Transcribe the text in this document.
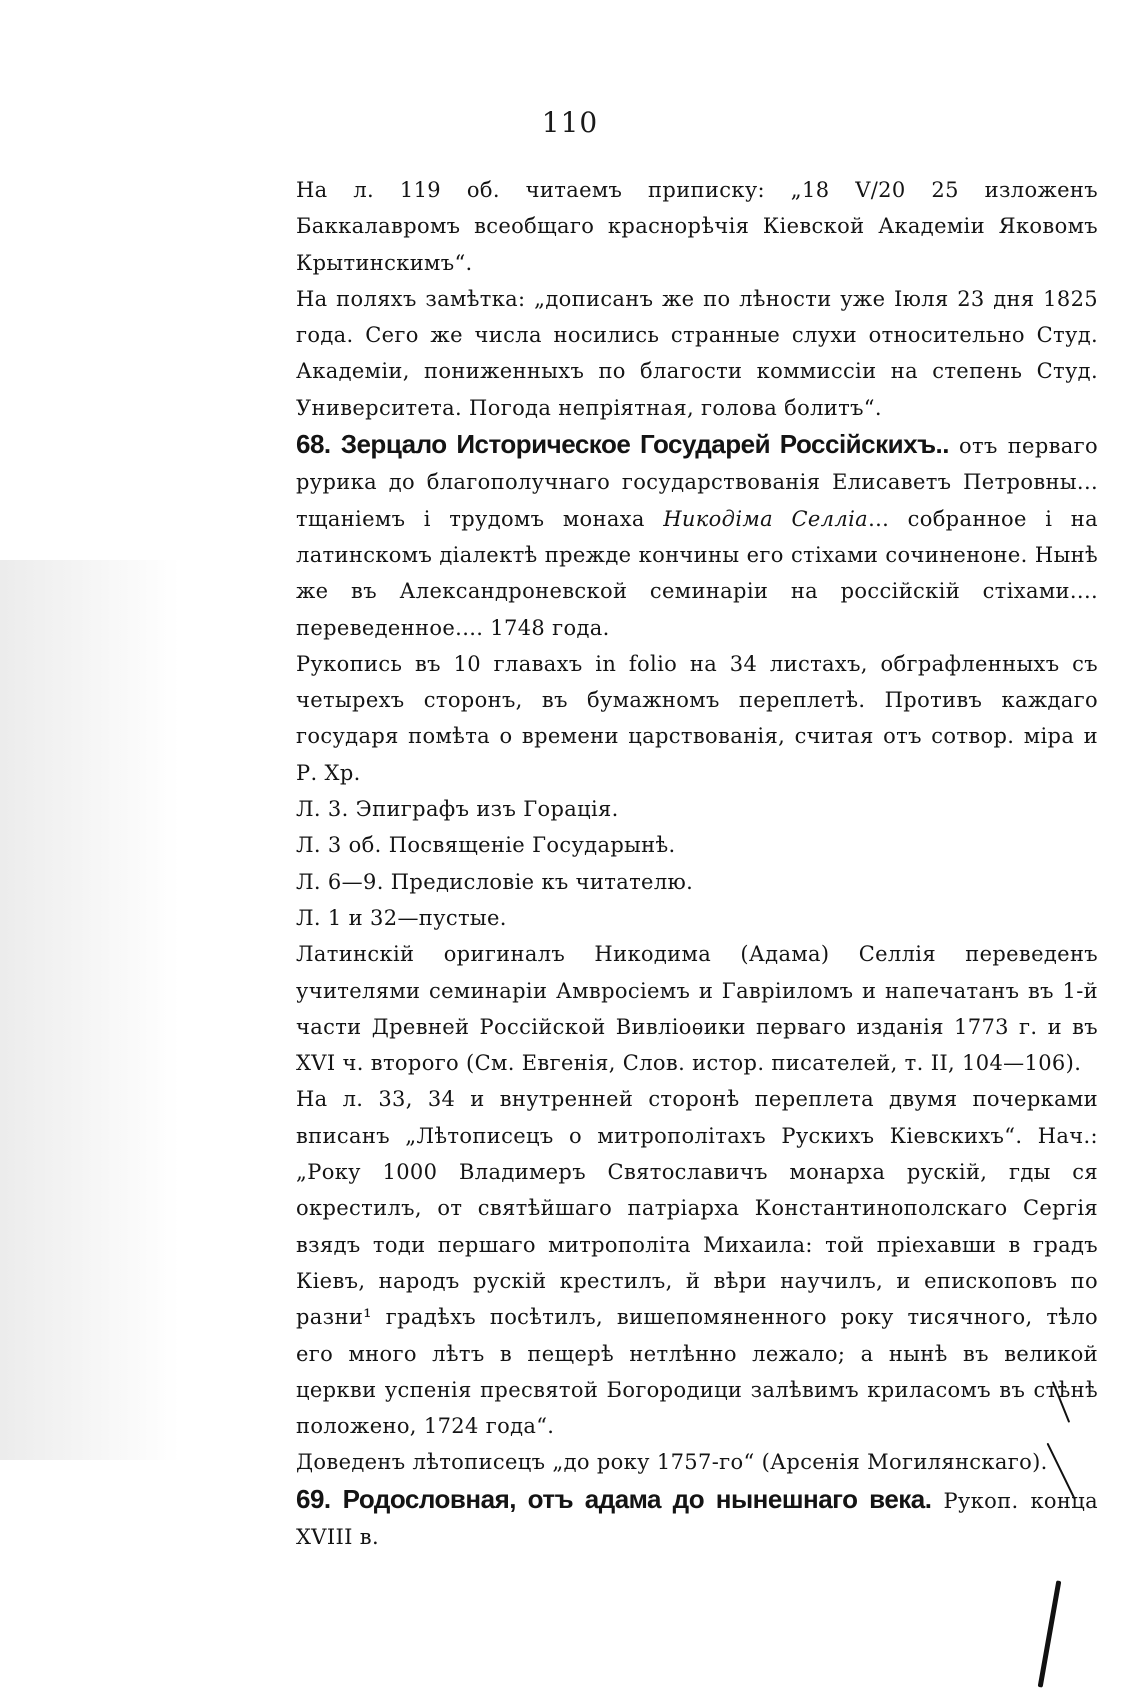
110

На л. 119 об. читаемъ приписку: „18 V/20 25 изложенъ Баккалавромъ всеобщаго краснорѣчія Кіевской Академіи Яковомъ Крытинскимъ“.

На поляхъ замѣтка: „дописанъ же по лѣности уже Іюля 23 дня 1825 года. Сего же числа носились странные слухи относительно Студ. Академіи, пониженныхъ по благости коммиссіи на степень Студ. Университета. Погода непріятная, голова болитъ“.

68. Зерцало Историческое Государей Россійскихъ.. отъ перваго рурика до благополучнаго государствованія Елисаветъ Петровны... тщаніемъ і трудомъ монаха Никодіма Селліа... собранное і на латинскомъ діалектѣ прежде кончины его стіхами сочиненоне. Нынѣ же въ Александроневской семинаріи на россійскій стіхами.... переведенное.... 1748 года.

Рукопись въ 10 главахъ in folio на 34 листахъ, обграфленныхъ съ четырехъ сторонъ, въ бумажномъ переплетѣ. Противъ каждаго государя помѣта о времени царствованія, считая отъ сотвор. міра и Р. Хр.

Л. 3. Эпиграфъ изъ Горація.

Л. 3 об. Посвященіе Государынѣ.

Л. 6—9. Предисловіе къ читателю.

Л. 1 и 32—пустые.

Латинскій оригиналъ Никодима (Адама) Селлія переведенъ учителями семинаріи Амвросіемъ и Гавріиломъ и напечатанъ въ 1-й части Древней Россійской Вивліоѳики перваго изданія 1773 г. и въ XVI ч. второго (См. Евгенія, Слов. истор. писателей, т. II, 104—106).

На л. 33, 34 и внутренней сторонѣ переплета двумя почерками вписанъ „Лѣтописецъ о митрополітахъ Рускихъ Кіевскихъ“. Нач.: „Року 1000 Владимеръ Святославичъ монарха рускій, гды ся окрестилъ, от святѣйшаго патріарха Константинополскаго Сергія взядъ тоди першаго митрополіта Михаила: той пріехавши в градъ Кіевъ, народъ рускій крестилъ, й вѣри научилъ, и епископовъ по разни¹ градѣхъ посѣтилъ, вишепомяненного року тисячного, тѣло его много лѣтъ в пещерѣ нетлѣнно лежало; а нынѣ въ великой церкви успенія пресвятой Богородици залѣвимъ криласомъ въ стѣнѣ положено, 1724 года“.

Доведенъ лѣтописецъ „до року 1757-го“ (Арсенія Могилянскаго).

69. Родословная, отъ адама до нынешнаго века. Рукоп. конца XVIII в.
